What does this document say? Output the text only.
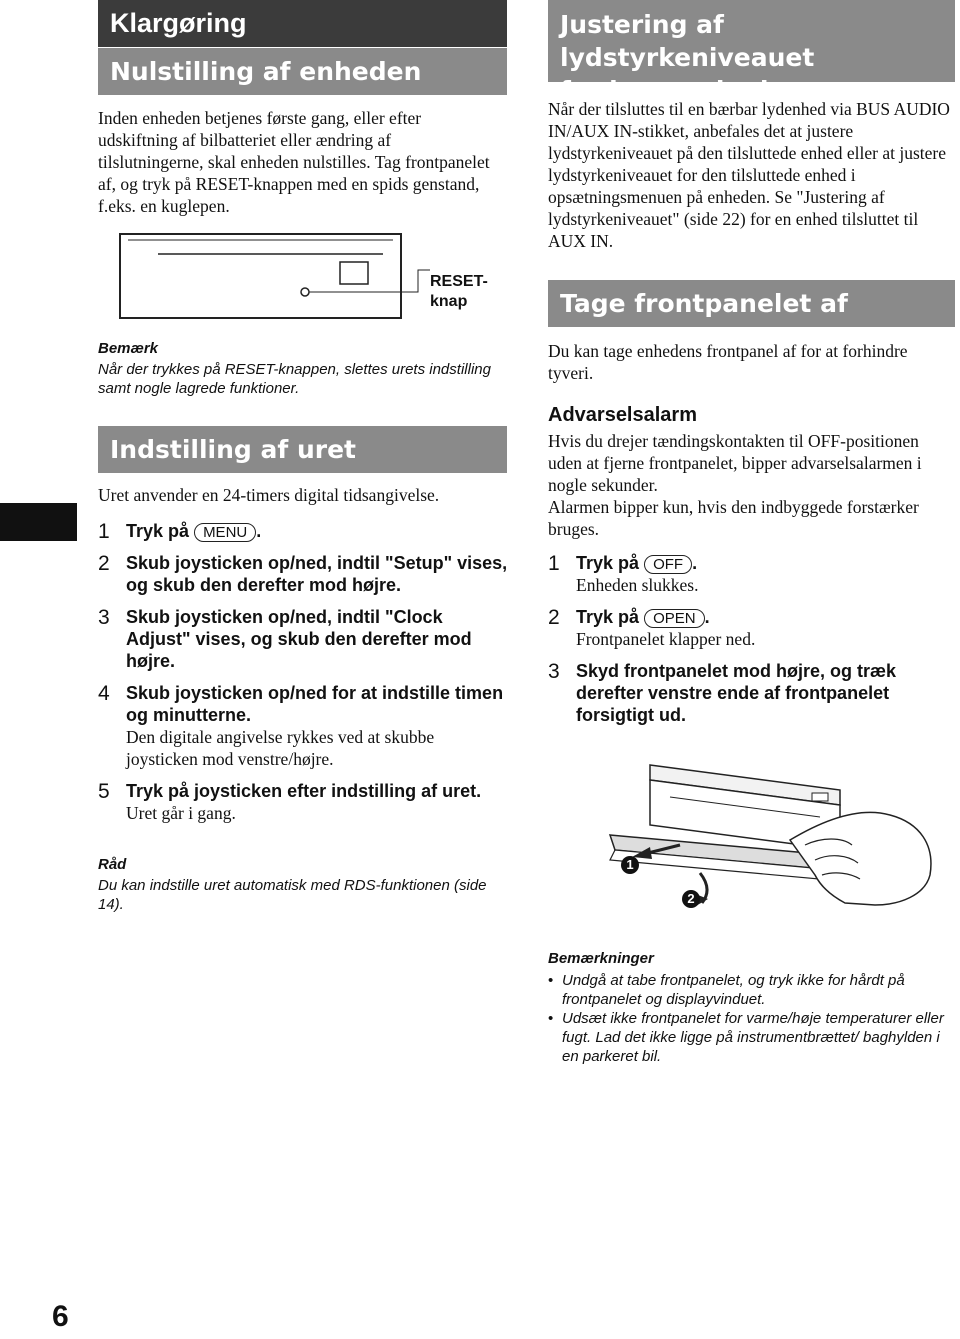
Klargøring
Nulstilling af enheden
Inden enheden betjenes første gang, eller efter udskiftning af bilbatteriet eller ændring af tilslutningerne, skal enheden nulstilles. Tag frontpanelet af, og tryk på RESET-knappen med en spids genstand, f.eks. en kuglepen.
RESET-
knap
Bemærk
Når der trykkes på RESET-knappen, slettes urets indstilling samt nogle lagrede funktioner.
Indstilling af uret
Uret anvender en 24-timers digital tidsangivelse.
1 Tryk på MENU .
2 Skub joysticken op/ned, indtil "Setup" vises, og skub den derefter mod højre.
3 Skub joysticken op/ned, indtil "Clock Adjust" vises, og skub den derefter mod højre.
4 Skub joysticken op/ned for at indstille timen og minutterne.
Den digitale angivelse rykkes ved at skubbe joysticken mod venstre/højre.
5 Tryk på joysticken efter indstilling af uret.
Uret går i gang.
Råd
Du kan indstille uret automatisk med RDS-funktionen (side 14).
6
Justering af lydstyrkeniveauet
for hver enhed
Når der tilsluttes til en bærbar lydenhed via BUS AUDIO IN/AUX IN-stikket, anbefales det at justere lydstyrkeniveauet på den tilsluttede enhed eller at justere lydstyrkeniveauet for den tilsluttede enhed i opsætningsmenuen på enheden. Se "Justering af lydstyrkeniveauet" (side 22) for en enhed tilsluttet til AUX IN.
Tage frontpanelet af
Du kan tage enhedens frontpanel af for at forhindre tyveri.
Advarselsalarm
Hvis du drejer tændingskontakten til OFF-positionen uden at fjerne frontpanelet, bipper advarselsalarmen i nogle sekunder.
Alarmen bipper kun, hvis den indbyggede forstærker bruges.
1 Tryk på OFF .
Enheden slukkes.
2 Tryk på OPEN .
Frontpanelet klapper ned.
3 Skyd frontpanelet mod højre, og træk derefter venstre ende af frontpanelet forsigtigt ud.
1
2
Bemærkninger
• Undgå at tabe frontpanelet, og tryk ikke for hårdt på frontpanelet og displayvinduet.
• Udsæt ikke frontpanelet for varme/høje temperaturer eller fugt. Lad det ikke ligge på instrumentbrættet/ baghylden i en parkeret bil.
